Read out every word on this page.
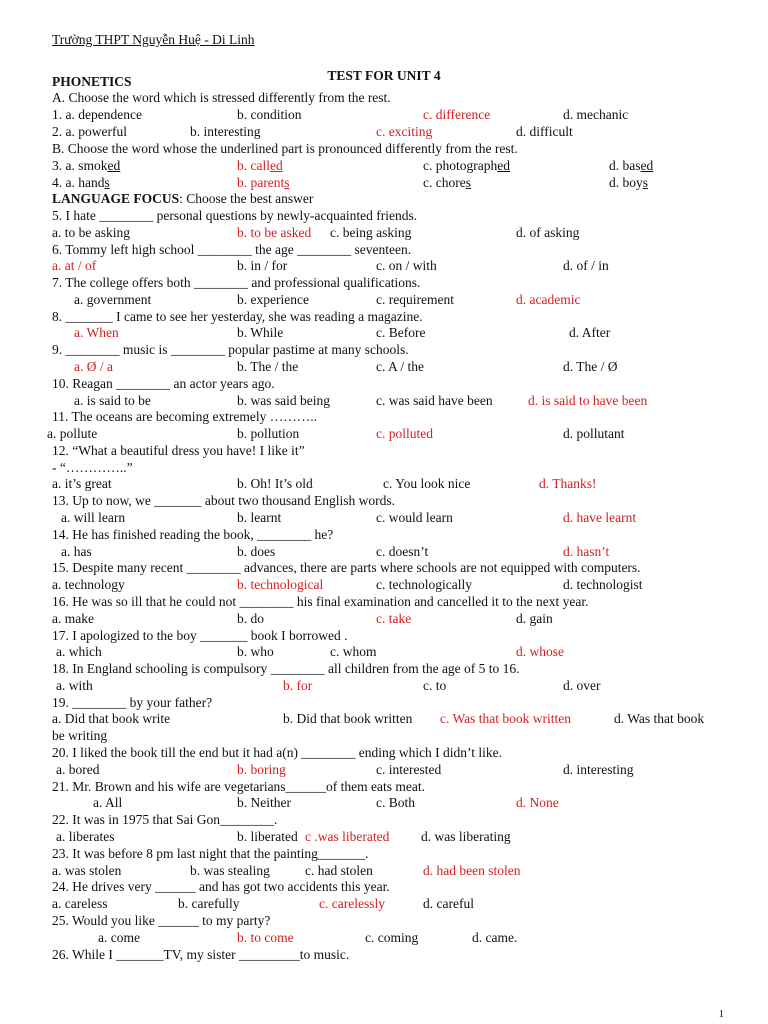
Trường THPT Nguyễn Huệ - Di Linh
TEST FOR UNIT 4
PHONETICS
A. Choose the word which is stressed differently from the rest.
1. a. dependence	b. condition	c. difference	d. mechanic
2. a. powerful	b. interesting	c. exciting	d. difficult
B. Choose the word whose the underlined part is pronounced differently from the rest.
3. a. smoked	b. called	c. photographed	d. based
4. a. hands	b. parents	c. chores	d. boys
LANGUAGE FOCUS: Choose the best answer
5. I hate ________ personal questions by newly-acquainted friends.
a. to be asking	b. to be asked c. being asking	d. of asking
6. Tommy left high school ________ the age ________ seventeen.
a. at / of	b. in / for	c. on / with	d. of / in
7. The college offers both ________ and professional qualifications.
a. government	b. experience	c. requirement	d. academic
8. _______ I came to see her yesterday, she was reading a magazine.
a. When	b. While	c. Before	d. After
9. ________ music is ________ popular pastime at many schools.
a. Ø / a	b. The / the	c. A / the	d. The / Ø
10. Reagan ________ an actor years ago.
a. is said to be	b. was said being	c. was said have been	d. is said to have been
11. The oceans are becoming extremely ………..
a. pollute	b. pollution	c. polluted	d. pollutant
12. “What a beautiful dress you have! I like it”
- “…………..”
a. it’s great	b. Oh! It’s old	c. You look nice	d. Thanks!
13. Up to now, we _______ about two thousand English words.
a. will learn	b. learnt	c. would learn	d. have learnt
14. He has finished reading the book, ________ he?
a. has	b. does	c. doesn’t	d. hasn’t
15. Despite many recent ________ advances, there are parts where schools are not equipped with computers.
a. technology	b. technological	c. technologically	d. technologist
16. He was so ill that he could not ________ his final examination and cancelled it to the next year.
a. make	b. do	c. take	d. gain
17. I apologized to the boy _______ book I borrowed .
a. which	b. who	c. whom	d. whose
18. In England schooling is compulsory ________ all children from the age of 5 to 16.
a. with	b. for	c. to	d. over
19. ________ by your father?
a. Did that book write	b. Did that book written c. Was that book written	d. Was that book
be writing
20. I liked the book till the end but it had a(n) ________ ending which I didn’t like.
a. bored	b. boring	c. interested	d. interesting
21. Mr. Brown and his wife are vegetarians______of them eats meat.
a. All	b. Neither	c. Both	d. None
22. It was in 1975 that Sai Gon________.
a. liberates	b. liberated c .was liberated d. was liberating
23. It was before 8 pm last night that the painting_______.
a. was stolen	b. was stealing	c. had stolen	d. had been stolen
24. He drives very ______ and has got two accidents this year.
a. careless	b. carefully	c. carelessly	d. careful
25. Would you like ______ to my party?
a. come	b. to come	c. coming	d. came.
26. While I _______TV, my sister _________to music.
1
